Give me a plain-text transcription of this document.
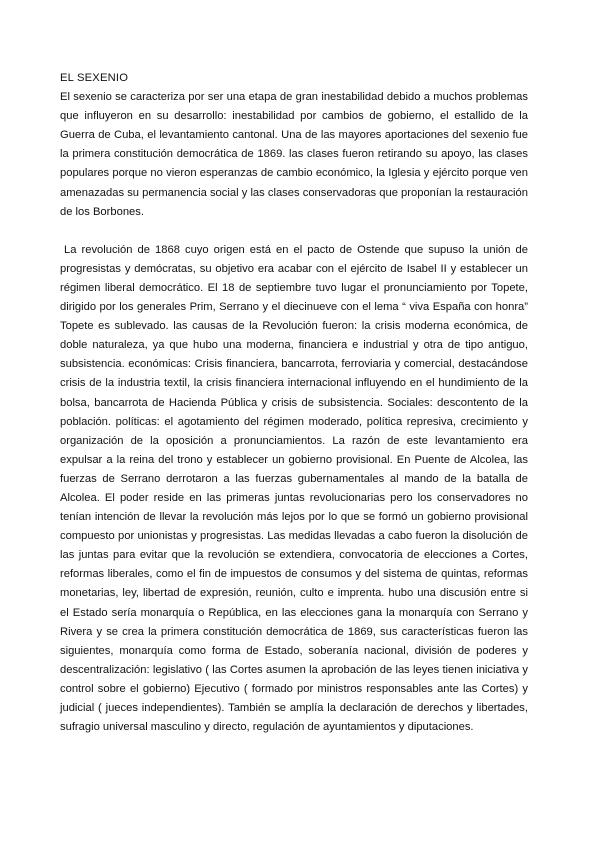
EL SEXENIO

El sexenio se caracteriza por ser una etapa de gran inestabilidad debido a muchos problemas que influyeron en su desarrollo: inestabilidad por cambios de gobierno, el estallido de la Guerra de Cuba, el levantamiento cantonal. Una de las mayores aportaciones del sexenio fue la primera constitución democrática de 1869. las clases fueron retirando su apoyo, las clases populares porque no vieron esperanzas de cambio económico, la Iglesia y ejército porque ven amenazadas su permanencia social y las clases conservadoras que proponían la restauración de los Borbones.

La revolución de 1868 cuyo origen está en el pacto de Ostende que supuso la unión de progresistas y demócratas, su objetivo era acabar con el ejército de Isabel II y establecer un régimen liberal democrático. El 18 de septiembre tuvo lugar el pronunciamiento por Topete, dirigido por los generales Prim, Serrano y el diecinueve con el lema “ viva España con honra” Topete es sublevado. las causas de la Revolución fueron: la crisis moderna económica, de doble naturaleza, ya que hubo una moderna, financiera e industrial y otra de tipo antiguo, subsistencia. económicas: Crisis financiera, bancarrota, ferroviaria y comercial, destacándose crisis de la industria textil, la crisis financiera internacional influyendo en el hundimiento de la bolsa, bancarrota de Hacienda Pública y crisis de subsistencia. Sociales: descontento de la población. políticas: el agotamiento del régimen moderado, política represiva, crecimiento y organización de la oposición a pronunciamientos. La razón de este levantamiento era expulsar a la reina del trono y establecer un gobierno provisional. En Puente de Alcolea, las fuerzas de Serrano derrotaron a las fuerzas gubernamentales al mando de la batalla de Alcolea. El poder reside en las primeras juntas revolucionarias pero los conservadores no tenían intención de llevar la revolución más lejos por lo que se formó un gobierno provisional compuesto por unionistas y progresistas. Las medidas llevadas a cabo fueron la disolución de las juntas para evitar que la revolución se extendiera, convocatoria de elecciones a Cortes, reformas liberales, como el fin de impuestos de consumos y del sistema de quintas, reformas monetarias, ley, libertad de expresión, reunión, culto e imprenta. hubo una discusión entre si el Estado sería monarquía o República, en las elecciones gana la monarquía con Serrano y Rivera y se crea la primera constitución democrática de 1869, sus características fueron las siguientes, monarquía como forma de Estado, soberanía nacional, división de poderes y descentralización: legislativo ( las Cortes asumen la aprobación de las leyes tienen iniciativa y control sobre el gobierno) Ejecutivo ( formado por ministros responsables ante las Cortes) y judicial ( jueces independientes). También se amplía la declaración de derechos y libertades, sufragio universal masculino y directo, regulación de ayuntamientos y diputaciones.
